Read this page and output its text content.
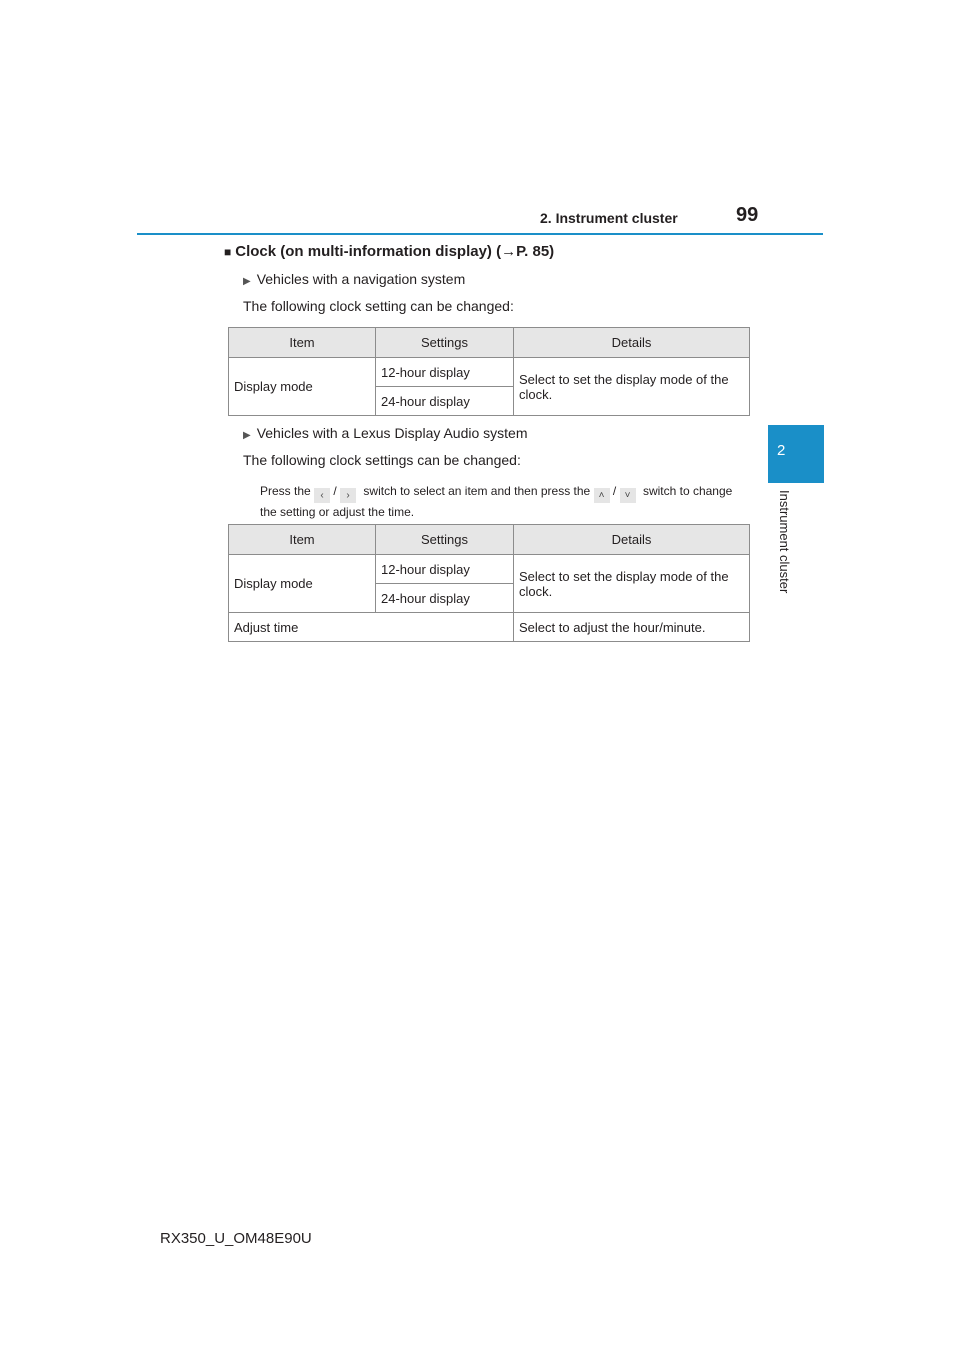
2. Instrument cluster	99
2
Instrument cluster
■ Clock (on multi-information display) (→P. 85)
▶ Vehicles with a navigation system
The following clock setting can be changed:
Item	Settings	Details
Display mode	12-hour display	Select to set the display mode of the clock.
	24-hour display	
▶ Vehicles with a Lexus Display Audio system
The following clock settings can be changed:
Press the ‹ / › switch to select an item and then press the ˄ / ˅ switch to change the setting or adjust the time.
Item	Settings	Details
Display mode	12-hour display	Select to set the display mode of the clock.
	24-hour display	
Adjust time		Select to adjust the hour/minute.
RX350_U_OM48E90U
